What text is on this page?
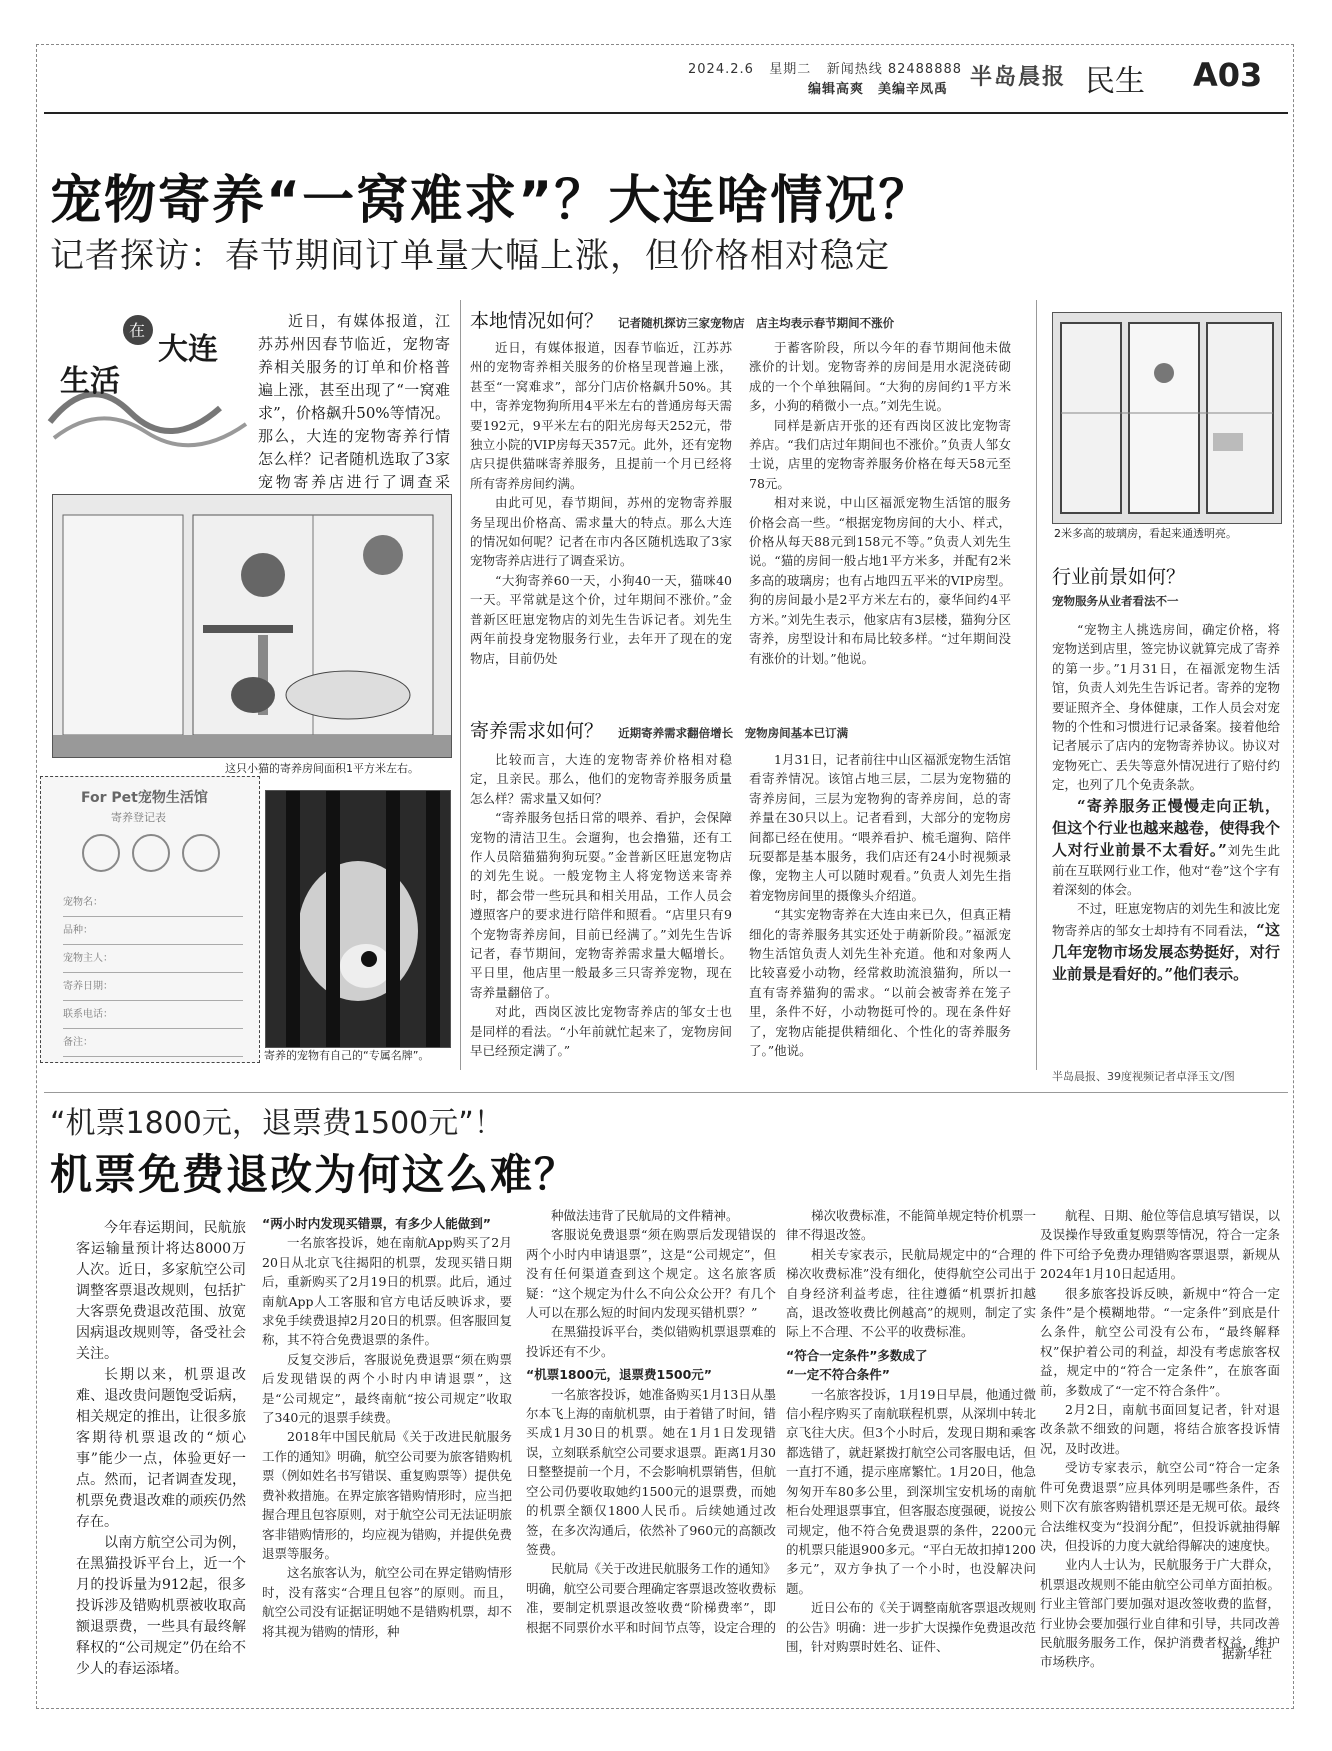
2024.2.6 星期二 新闻热线 82488888
编辑高爽　美编辛凤禹 半岛晨报 民生 A03
宠物寄养“一窝难求”？大连啥情况？
记者探访：春节期间订单量大幅上涨，但价格相对稳定
在
大连
生活

近日，有媒体报道，江苏苏州因春节临近，宠物寄养相关服务的订单和价格普遍上涨，甚至出现了“一窝难求”，价格飙升50%等情况。那么，大连的宠物寄养行情怎么样？记者随机选取了3家宠物寄养店进行了调查采

这只小猫的寄养房间面积1平方米左右。
For Pet宠物生活馆
寄养登记表
宠物名：
品种：
宠物主人：
寄养日期：
联系电话：
备注：
寄养的宠物有自己的“专属名牌”。
本地情况如何？ 记者随机探访三家宠物店　店主均表示春节期间不涨价

近日，有媒体报道，因春节临近，江苏苏州的宠物寄养相关服务的价格呈现普遍上涨，甚至“一窝难求”，部分门店价格飙升50%。其中，寄养宠物狗所用4平米左右的普通房每天需要192元，9平米左右的阳光房每天252元，带独立小院的VIP房每天357元。此外，还有宠物店只提供猫咪寄养服务，且提前一个月已经将所有寄养房间约满。

由此可见，春节期间，苏州的宠物寄养服务呈现出价格高、需求量大的特点。那么大连的情况如何呢？记者在市内各区随机选取了3家宠物寄养店进行了调查采访。

“大狗寄养60一天，小狗40一天，猫咪40一天。平常就是这个价，过年期间不涨价。”金普新区旺崽宠物店的刘先生告诉记者。刘先生两年前投身宠物服务行业，去年开了现在的宠物店，目前仍处

于蓄客阶段，所以今年的春节期间他未做涨价的计划。宠物寄养的房间是用水泥浇砖砌成的一个个单独隔间。“大狗的房间约1平方米多，小狗的稍微小一点。”刘先生说。

同样是新店开张的还有西岗区波比宠物寄养店。“我们店过年期间也不涨价。”负责人邹女士说，店里的宠物寄养服务价格在每天58元至78元。

相对来说，中山区福派宠物生活馆的服务价格会高一些。“根据宠物房间的大小、样式，价格从每天88元到158元不等。”负责人刘先生说。“猫的房间一般占地1平方米多，并配有2米多高的玻璃房；也有占地四五平米的VIP房型。狗的房间最小是2平方米左右的，豪华间约4平方米。”刘先生表示，他家店有3层楼，猫狗分区寄养，房型设计和布局比较多样。“过年期间没有涨价的计划。”他说。

寄养需求如何？ 近期寄养需求翻倍增长　宠物房间基本已订满

比较而言，大连的宠物寄养价格相对稳定，且亲民。那么，他们的宠物寄养服务质量怎么样？需求量又如何？

“寄养服务包括日常的喂养、看护，会保障宠物的清洁卫生。会遛狗，也会撸猫，还有工作人员陪猫猫狗狗玩耍。”金普新区旺崽宠物店的刘先生说。一般宠物主人将宠物送来寄养时，都会带一些玩具和相关用品，工作人员会遵照客户的要求进行陪伴和照看。“店里只有9个宠物寄养房间，目前已经满了。”刘先生告诉记者，春节期间，宠物寄养需求量大幅增长。平日里，他店里一般最多三只寄养宠物，现在寄养量翻倍了。

对此，西岗区波比宠物寄养店的邹女士也是同样的看法。“小年前就忙起来了，宠物房间早已经预定满了。”

1月31日，记者前往中山区福派宠物生活馆看寄养情况。该馆占地三层，二层为宠物猫的寄养房间，三层为宠物狗的寄养房间，总的寄养量在30只以上。记者看到，大部分的宠物房间都已经在使用。“喂养看护、梳毛遛狗、陪伴玩耍都是基本服务，我们店还有24小时视频录像，宠物主人可以随时观看。”负责人刘先生指着宠物房间里的摄像头介绍道。

“其实宠物寄养在大连由来已久，但真正精细化的寄养服务其实还处于萌新阶段。”福派宠物生活馆负责人刘先生补充道。他和对象两人比较喜爱小动物，经常救助流浪猫狗，所以一直有寄养猫狗的需求。“以前会被寄养在笼子里，条件不好，小动物挺可怜的。现在条件好了，宠物店能提供精细化、个性化的寄养服务了。”他说。

2米多高的玻璃房，看起来通透明亮。
行业前景如何？
宠物服务从业者看法不一

“宠物主人挑选房间，确定价格，将宠物送到店里，签完协议就算完成了寄养的第一步。”1月31日，在福派宠物生活馆，负责人刘先生告诉记者。寄养的宠物要证照齐全、身体健康，工作人员会对宠物的个性和习惯进行记录备案。接着他给记者展示了店内的宠物寄养协议。协议对宠物死亡、丢失等意外情况进行了赔付约定，也列了几个免责条款。

“寄养服务正慢慢走向正轨，但这个行业也越来越卷，使得我个人对行业前景不太看好。”刘先生此前在互联网行业工作，他对“卷”这个字有着深刻的体会。

不过，旺崽宠物店的刘先生和波比宠物寄养店的邹女士却持有不同看法，“这几年宠物市场发展态势挺好，对行业前景是看好的。”他们表示。

半岛晨报、39度视频记者卓泽玉文/图
“机票1800元，退票费1500元”！
机票免费退改为何这么难？

今年春运期间，民航旅客运输量预计将达8000万人次。近日，多家航空公司调整客票退改规则，包括扩大客票免费退改范围、放宽因病退改规则等，备受社会关注。

长期以来，机票退改难、退改贵问题饱受诟病，相关规定的推出，让很多旅客期待机票退改的“烦心事”能少一点，体验更好一点。然而，记者调查发现，机票免费退改难的顽疾仍然存在。

以南方航空公司为例，在黑猫投诉平台上，近一个月的投诉量为912起，很多投诉涉及错购机票被收取高额退票费，一些具有最终解释权的“公司规定”仍在给不少人的春运添堵。

“两小时内发现买错票，有多少人能做到”

一名旅客投诉，她在南航App购买了2月20日从北京飞往揭阳的机票，发现买错日期后，重新购买了2月19日的机票。此后，通过南航App人工客服和官方电话反映诉求，要求免手续费退掉2月20日的机票。但客服回复称，其不符合免费退票的条件。

反复交涉后，客服说免费退票“须在购票后发现错误的两个小时内申请退票”，这是“公司规定”，最终南航“按公司规定”收取了340元的退票手续费。

2018年中国民航局《关于改进民航服务工作的通知》明确，航空公司要为旅客错购机票（例如姓名书写错误、重复购票等）提供免费补救措施。在界定旅客错购情形时，应当把握合理且包容原则，对于航空公司无法证明旅客非错购情形的，均应视为错购，并提供免费退票等服务。

这名旅客认为，航空公司在界定错购情形时，没有落实“合理且包容”的原则。而且，航空公司没有证据证明她不是错购机票，却不将其视为错购的情形，种

种做法违背了民航局的文件精神。

客服说免费退票“须在购票后发现错误的两个小时内申请退票”，这是“公司规定”，但没有任何渠道查到这个规定。这名旅客质疑：“这个规定为什么不向公众公开？有几个人可以在那么短的时间内发现买错机票？”

在黑猫投诉平台，类似错购机票退票难的投诉还有不少。

“机票1800元，退票费1500元”

一名旅客投诉，她准备购买1月13日从墨尔本飞上海的南航机票，由于着错了时间，错买成1月30日的机票。她在1月1日发现错误，立刻联系航空公司要求退票。距离1月30日整整提前一个月，不会影响机票销售，但航空公司仍要收取她约1500元的退票费，而她的机票全额仅1800人民币。后续她通过改签，在多次沟通后，依然补了960元的高额改签费。

民航局《关于改进民航服务工作的通知》明确，航空公司要合理确定客票退改签收费标准，要制定机票退改签收费“阶梯费率”，即根据不同票价水平和时间节点等，设定合理的

梯次收费标准，不能简单规定特价机票一律不得退改签。

相关专家表示，民航局规定中的“合理的梯次收费标准”没有细化，使得航空公司出于自身经济利益考虑，往往遵循“机票折扣越高，退改签收费比例越高”的规则，制定了实际上不合理、不公平的收费标准。

“符合一定条件”多数成了

“一定不符合条件”

一名旅客投诉，1月19日早晨，他通过微信小程序购买了南航联程机票，从深圳中转北京飞往大庆。但3个小时后，发现日期和乘客都选错了，就赶紧拨打航空公司客服电话，但一直打不通，提示座席繁忙。1月20日，他急匆匆开车80多公里，到深圳宝安机场的南航柜台处理退票事宜，但客服态度强硬，说按公司规定，他不符合免费退票的条件，2200元的机票只能退900多元。“平白无故扣掉1200多元”，双方争执了一个小时，也没解决问题。

近日公布的《关于调整南航客票退改规则的公告》明确：进一步扩大误操作免费退改范围，针对购票时姓名、证件、

航程、日期、舱位等信息填写错误，以及误操作导致重复购票等情况，符合一定条件下可给予免费办理错购客票退票，新规从2024年1月10日起适用。

很多旅客投诉反映，新规中“符合一定条件”是个模糊地带。“一定条件”到底是什么条件，航空公司没有公布，“最终解释权”保护着公司的利益，却没有考虑旅客权益，规定中的“符合一定条件”，在旅客面前，多数成了“一定不符合条件”。

2月2日，南航书面回复记者，针对退改条款不细致的问题，将结合旅客投诉情况，及时改进。

受访专家表示，航空公司“符合一定条件可免费退票”应具体列明是哪些条件，否则下次有旅客购错机票还是无规可依。最终合法维权变为“投润分配”，但投诉就抽得解决，但投诉的力度大就给得解决的速度快。

业内人士认为，民航服务于广大群众，机票退改规则不能由航空公司单方面拍板。行业主管部门要加强对退改签收费的监督，行业协会要加强行业自律和引导，共同改善民航服务服务工作，保护消费者权益，维护市场秩序。

据新华社
